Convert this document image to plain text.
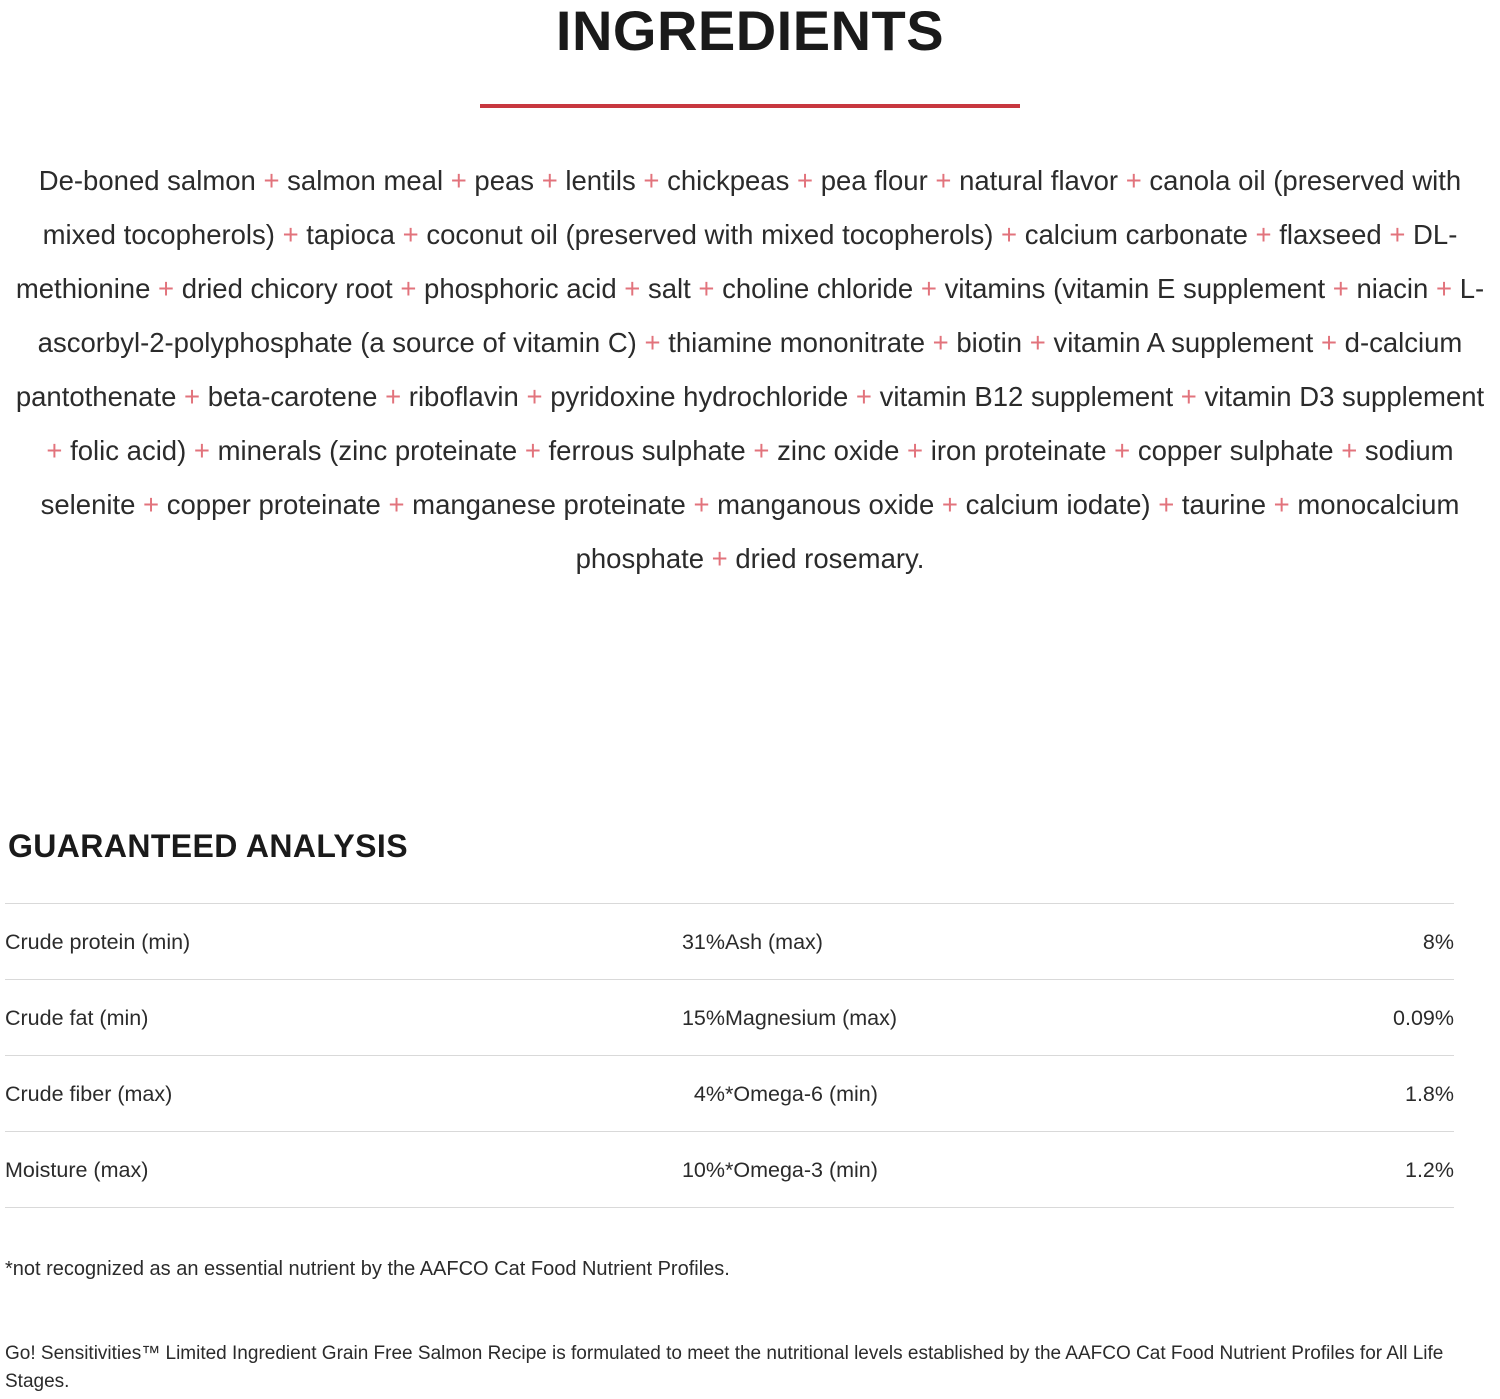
INGREDIENTS
De-boned salmon + salmon meal + peas + lentils + chickpeas + pea flour + natural flavor + canola oil (preserved with mixed tocopherols) + tapioca + coconut oil (preserved with mixed tocopherols) + calcium carbonate + flaxseed + DL-methionine + dried chicory root + phosphoric acid + salt + choline chloride + vitamins (vitamin E supplement + niacin + L-ascorbyl-2-polyphosphate (a source of vitamin C) + thiamine mononitrate + biotin + vitamin A supplement + d-calcium pantothenate + beta-carotene + riboflavin + pyridoxine hydrochloride + vitamin B12 supplement + vitamin D3 supplement + folic acid) + minerals (zinc proteinate + ferrous sulphate + zinc oxide + iron proteinate + copper sulphate + sodium selenite + copper proteinate + manganese proteinate + manganous oxide + calcium iodate) + taurine + monocalcium phosphate + dried rosemary.
GUARANTEED ANALYSIS
Crude protein (min)	31%	Ash (max)	8%
Crude fat (min)	15%	Magnesium (max)	0.09%
Crude fiber (max)	4%	*Omega-6 (min)	1.8%
Moisture (max)	10%	*Omega-3 (min)	1.2%
*not recognized as an essential nutrient by the AAFCO Cat Food Nutrient Profiles.
Go! Sensitivities™ Limited Ingredient Grain Free Salmon Recipe is formulated to meet the nutritional levels established by the AAFCO Cat Food Nutrient Profiles for All Life Stages.
